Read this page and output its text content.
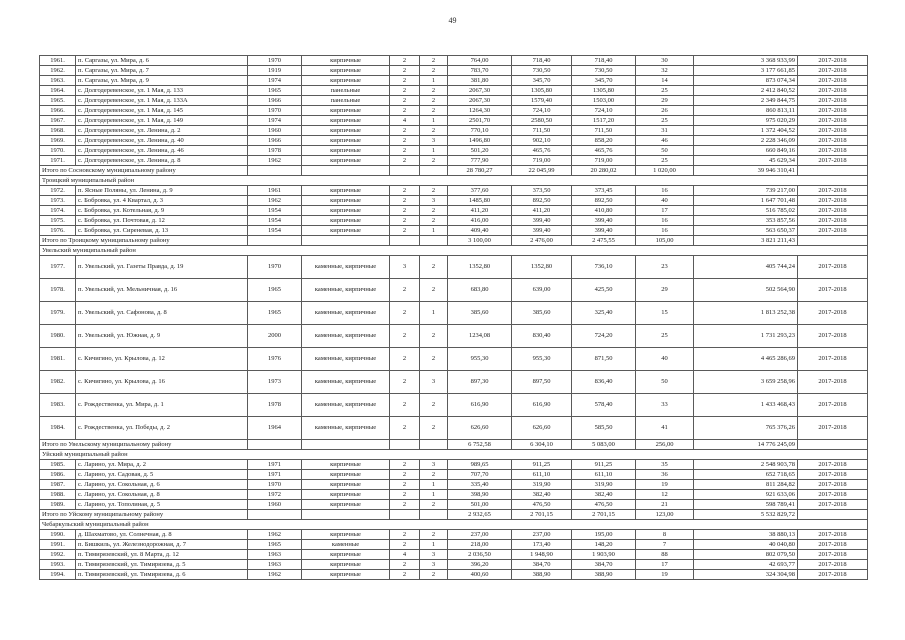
49
1961.	п. Саргазы, ул. Мира, д. 6	1970	кирпичные	2	2	764,00	718,40	718,40	30	3 368 933,99	2017-2018
1962.	п. Саргазы, ул. Мира, д. 7	1919	кирпичные	2	2	783,70	730,50	730,50	32	3 177 661,85	2017-2018
1963.	п. Саргазы, ул. Мира, д. 9	1974	кирпичные	2	1	381,80	345,70	345,70	14	873 074,34	2017-2018
1964.	с. Долгодеревенское, ул. 1 Мая, д. 133	1965	панельные	2	2	2067,30	1305,80	1305,80	25	2 412 840,52	2017-2018
1965.	с. Долгодеревенское, ул. 1 Мая, д. 133А	1966	панельные	2	2	2067,30	1579,40	1503,00	29	2 349 844,75	2017-2018
1966.	с. Долгодеревенское, ул. 1 Мая, д. 145	1970	кирпичные	2	2	1264,30	724,10	724,10	26	860 813,11	2017-2018
1967.	с. Долгодеревенское, ул. 1 Мая, д. 149	1974	кирпичные	4	1	2501,70	2580,50	1517,20	25	975 020,29	2017-2018
1968.	с. Долгодеревенское, ул. Ленина, д. 2	1960	кирпичные	2	2	770,10	711,50	711,50	31	1 372 404,52	2017-2018
1969.	с. Долгодеревенское, ул. Ленина, д. 40	1966	кирпичные	2	3	1496,80	902,10	858,20	46	2 228 346,09	2017-2018
1970.	с. Долгодеревенское, ул. Ленина, д. 46	1978	кирпичные	2	1	501,20	465,76	465,76	50	660 849,16	2017-2018
1971.	с. Долгодеревенское, ул. Ленина, д. 8	1962	кирпичные	2	2	777,90	719,00	719,00	25	45 629,34	2017-2018
Итого по Сосновскому муниципальному району						28 780,27	22 045,99	20 280,02	1 020,00	39 946 310,41	
Троицкий муниципальный район											
1972.	п. Ясные Поляны, ул. Ленина, д. 9	1961	кирпичные	2	2	377,60	373,50	373,45	16	739 217,00	2017-2018
1973.	с. Бобровка, ул. 4 Квартал, д. 3	1962	кирпичные	2	3	1485,80	892,50	892,50	40	1 647 701,48	2017-2018
1974.	с. Бобровка, ул. Котельная, д. 9	1954	кирпичные	2	2	411,20	411,20	410,80	17	516 785,02	2017-2018
1975.	с. Бобровка, ул. Почтовая, д. 12	1954	кирпичные	2	2	416,00	399,40	399,40	16	353 857,56	2017-2018
1976.	с. Бобровка, ул. Сиреневая, д. 13	1954	кирпичные	2	1	409,40	399,40	399,40	16	563 650,37	2017-2018
Итого по Троицкому муниципальному району						3 100,00	2 476,00	2 475,55	105,00	3 821 211,43	
Увельский муниципальный район											
1977.	п. Увельский, ул. Газеты Правда, д. 19	1970	каменные, кирпичные	3	2	1352,80	1352,80	736,10	23	405 744,24	2017-2018
1978.	п. Увельский, ул. Мельничная, д. 16	1965	каменные, кирпичные	2	2	683,80	639,00	425,50	29	502 564,90	2017-2018
1979.	п. Увельский, ул. Сафонова, д. 8	1965	каменные, кирпичные	2	1	385,60	385,60	325,40	15	1 813 252,38	2017-2018
1980.	п. Увельский, ул. Южная, д. 9	2000	каменные, кирпичные	2	2	1234,08	830,40	724,20	25	1 731 293,23	2017-2018
1981.	с. Кичигино, ул. Крылова, д. 12	1976	каменные, кирпичные	2	2	955,30	955,30	871,50	40	4 465 286,69	2017-2018
1982.	с. Кичигино, ул. Крылова, д. 16	1973	каменные, кирпичные	2	3	897,30	897,50	836,40	50	3 659 258,96	2017-2018
1983.	с. Рождественка, ул. Мира, д. 1	1978	каменные, кирпичные	2	2	616,90	616,90	578,40	33	1 433 468,43	2017-2018
1984.	с. Рождественка, ул. Победы, д. 2	1964	каменные, кирпичные	2	2	626,60	626,60	585,50	41	765 376,26	2017-2018
Итого по Увельскому муниципальному району						6 752,58	6 304,10	5 083,00	256,00	14 776 245,09	
Уйский муниципальный район											
1985.	с. Ларино, ул. Мира, д. 2	1971	кирпичные	2	3	989,65	911,25	911,25	35	2 548 903,78	2017-2018
1986.	с. Ларино, ул. Садовая, д. 5	1971	кирпичные	2	2	707,70	611,10	611,10	36	652 718,65	2017-2018
1987.	с. Ларино, ул. Сокольная, д. 6	1970	кирпичные	2	1	335,40	319,90	319,90	19	811 284,82	2017-2018
1988.	с. Ларино, ул. Сокольная, д. 8	1972	кирпичные	2	1	398,90	382,40	382,40	12	921 633,06	2017-2018
1989.	с. Ларино, ул. Тополиная, д. 5	1960	кирпичные	2	2	501,00	476,50	476,50	21	598 789,41	2017-2018
Итого по Уйскому муниципальному району						2 932,65	2 701,15	2 701,15	123,00	5 532 829,72	
Чебаркульский муниципальный район											
1990.	д. Шахматово, ул. Солнечная, д. 8	1962	кирпичные	2	2	237,00	237,00	195,00	8	38 880,13	2017-2018
1991.	п. Бишкиль, ул. Железнодорожная, д. 7	1965	каменные	2	1	218,00	173,40	148,20	7	40 040,80	2017-2018
1992.	п. Тимирязевский, ул. 8 Марта, д. 12	1963	кирпичные	4	3	2 036,50	1 948,90	1 903,90	88	802 079,50	2017-2018
1993.	п. Тимирязевский, ул. Тимирязева, д. 5	1963	кирпичные	2	3	396,20	384,70	384,70	17	42 693,77	2017-2018
1994.	п. Тимирязевский, ул. Тимирязева, д. 6	1962	кирпичные	2	2	400,60	388,90	388,90	19	324 304,98	2017-2018
